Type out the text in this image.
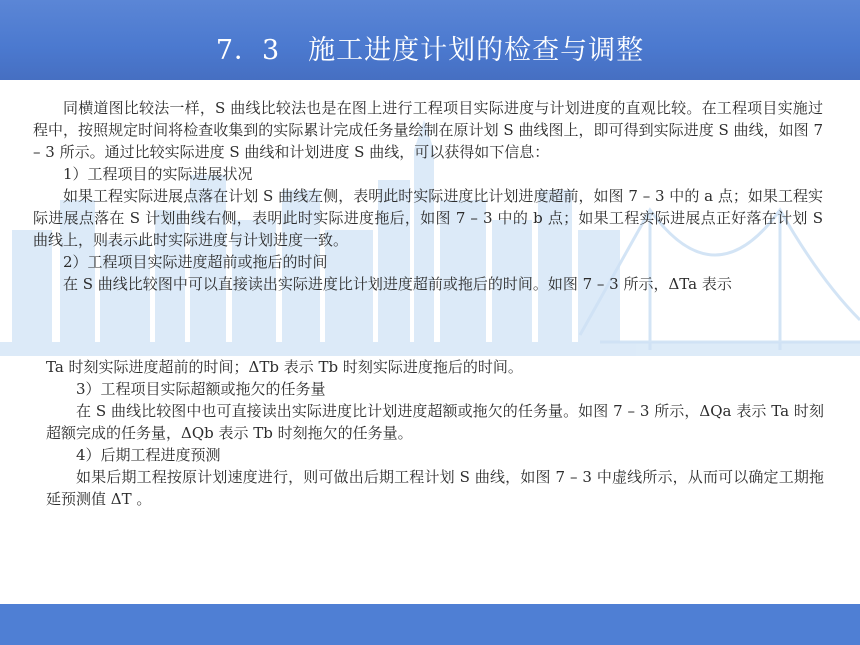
7．3　施工进度计划的检查与调整

同横道图比较法一样，S 曲线比较法也是在图上进行工程项目实际进度与计划进度的直观比较。在工程项目实施过程中，按照规定时间将检查收集到的实际累计完成任务量绘制在原计划 S 曲线图上，即可得到实际进度 S 曲线，如图 7 – 3 所示。通过比较实际进度 S 曲线和计划进度 S 曲线，可以获得如下信息：

1）工程项目的实际进展状况

如果工程实际进展点落在计划 S 曲线左侧，表明此时实际进度比计划进度超前，如图 7 – 3 中的 a 点；如果工程实际进展点落在 S 计划曲线右侧，表明此时实际进度拖后，如图 7 – 3 中的 b 点；如果工程实际进展点正好落在计划 S 曲线上，则表示此时实际进度与计划进度一致。

2）工程项目实际进度超前或拖后的时间

在 S 曲线比较图中可以直接读出实际进度比计划进度超前或拖后的时间。如图 7 – 3 所示，ΔTa 表示

Ta 时刻实际进度超前的时间；ΔTb 表示 Tb 时刻实际进度拖后的时间。

3）工程项目实际超额或拖欠的任务量

在 S 曲线比较图中也可直接读出实际进度比计划进度超额或拖欠的任务量。如图 7 – 3 所示，ΔQa 表示 Ta 时刻超额完成的任务量，ΔQb 表示 Tb 时刻拖欠的任务量。

4）后期工程进度预测

如果后期工程按原计划速度进行，则可做出后期工程计划 S 曲线，如图 7 – 3 中虚线所示，从而可以确定工期拖延预测值 ΔT 。
